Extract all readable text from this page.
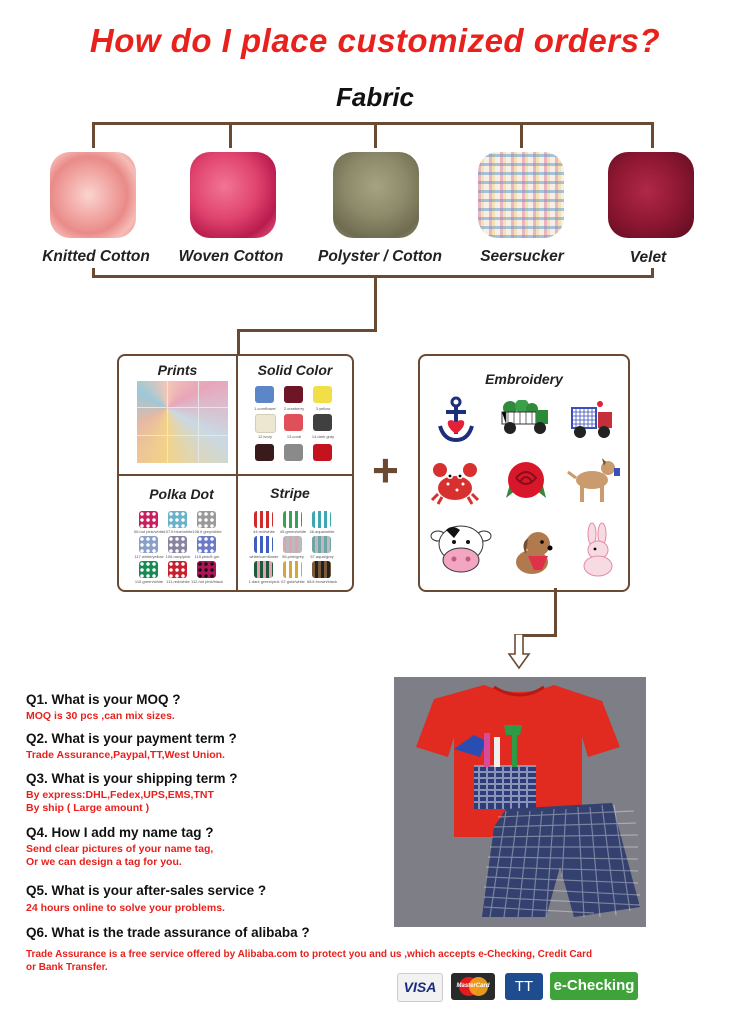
How do I place customized orders?
Fabric
Knitted Cotton	Woven Cotton	Polyster / Cotton	Seersucker	Velet
Prints	Solid Color
1.cornflower	2.cranberry	3.yellow
12.ivory	13.coral	14.dark gray
Polka Dot
06.hot pink/white 107.lt blue/white 108.lt grey/white
117.white/yellow 106.navy/pink	115.pink/lt grn
110.green/white 111.red/white 112.hot pink/black
Stripe
44.red/white	45.green/white 46.aqua/white
white/cornflower 56.pink/grey	57.aqua/grey
1.dark green/pink 67.gold/white 68.lt brown/black
+
Embroidery
Q1. What is your MOQ ?
MOQ is 30 pcs ,can mix sizes.
Q2. What is your payment term ?
Trade Assurance,Paypal,TT,West Union.
Q3. What is your shipping term ?
By express:DHL,Fedex,UPS,EMS,TNT
By ship ( Large amount )
Q4. How I add my name tag ?
Send clear pictures of your name tag,
Or we can design a tag for you.
Q5. What is your after-sales service ?
24 hours online to solve your problems.
Q6. What is the trade assurance of alibaba ?
Trade Assurance is a free service offered by Alibaba.com to protect you and us ,which accepts e-Checking, Credit Card
or Bank Transfer.
VISA	MasterCard	TT	e-Checking
